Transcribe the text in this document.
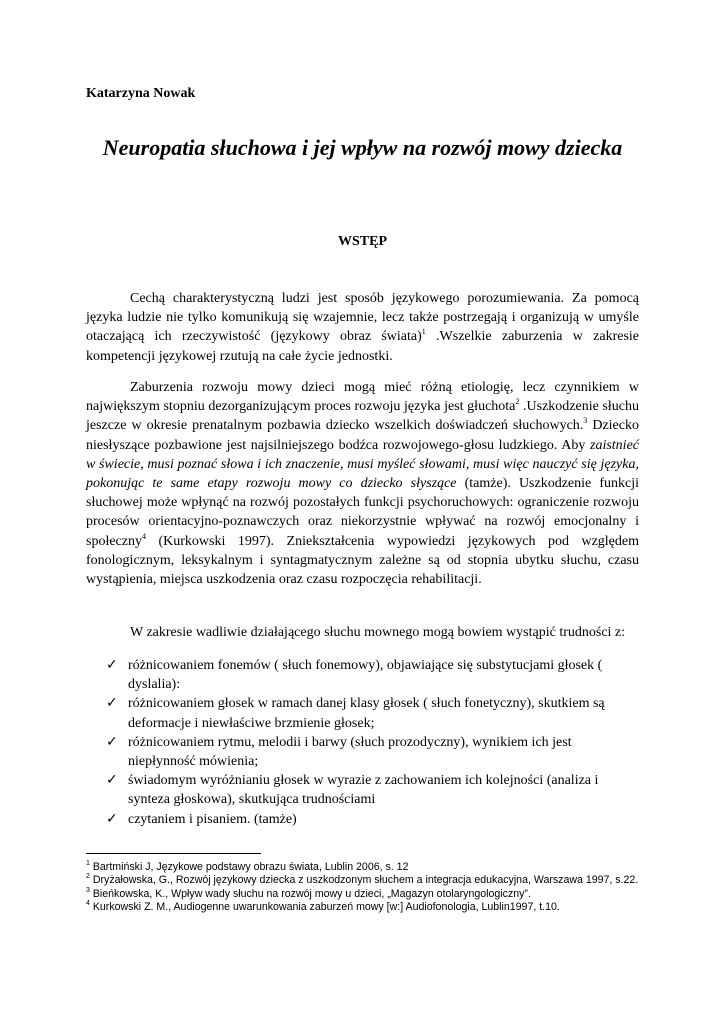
Katarzyna Nowak
Neuropatia słuchowa i jej wpływ na rozwój mowy dziecka
WSTĘP

Cechą charakterystyczną ludzi jest sposób językowego porozumiewania. Za pomocą języka ludzie nie tylko komunikują się wzajemnie, lecz także postrzegają i organizują w umyśle otaczającą ich rzeczywistość (językowy obraz świata)$^1$ .Wszelkie zaburzenia w zakresie kompetencji językowej rzutują na całe życie jednostki.

Zaburzenia rozwoju mowy dzieci mogą mieć różną etiologię, lecz czynnikiem w największym stopniu dezorganizującym proces rozwoju języka jest głuchota$^2$ .Uszkodzenie słuchu jeszcze w okresie prenatalnym pozbawia dziecko wszelkich doświadczeń słuchowych.$^3$ Dziecko niesłyszące pozbawione jest najsilniejszego bodźca rozwojowego-głosu ludzkiego. Aby zaistnieć w świecie, musi poznać słowa i ich znaczenie, musi myśleć słowami, musi więc nauczyć się języka, pokonując te same etapy rozwoju mowy co dziecko słyszące (tamże). Uszkodzenie funkcji słuchowej może wpłynąć na rozwój pozostałych funkcji psychoruchowych: ograniczenie rozwoju procesów orientacyjno-poznawczych oraz niekorzystnie wpływać na rozwój emocjonalny i społeczny$^4$ (Kurkowski 1997). Zniekształcenia wypowiedzi językowych pod względem fonologicznym, leksykalnym i syntagmatycznym zależne są od stopnia ubytku słuchu, czasu wystąpienia, miejsca uszkodzenia oraz czasu rozpoczęcia rehabilitacji.

W zakresie wadliwie działającego słuchu mownego mogą bowiem wystąpić trudności z:

✓ różnicowaniem fonemów ( słuch fonemowy), objawiające się substytucjami głosek ( dyslalia):
✓ różnicowaniem głosek w ramach danej klasy głosek ( słuch fonetyczny), skutkiem są deformacje i niewłaściwe brzmienie głosek;
✓ różnicowaniem rytmu, melodii i barwy (słuch prozodyczny), wynikiem ich jest niepłynność mówienia;
✓ świadomym wyróżnianiu głosek w wyrazie z zachowaniem ich kolejności (analiza i synteza głoskowa), skutkująca trudnościami
✓ czytaniem i pisaniem. (tamże)
$^1$ Bartmiński J, Językowe podstawy obrazu świata, Lublin 2006, s. 12
$^2$ Dryżałowska, G., Rozwój językowy dziecka z uszkodzonym słuchem a integracja edukacyjna, Warszawa 1997, s.22.
$^3$ Bieńkowska, K., Wpływ wady słuchu na rozwój mowy u dzieci, „Magazyn otolaryngologiczny”.
$^4$ Kurkowski Z. M., Audiogenne uwarunkowania zaburzeń mowy [w:] Audiofonologia, Lublin1997, t.10.
